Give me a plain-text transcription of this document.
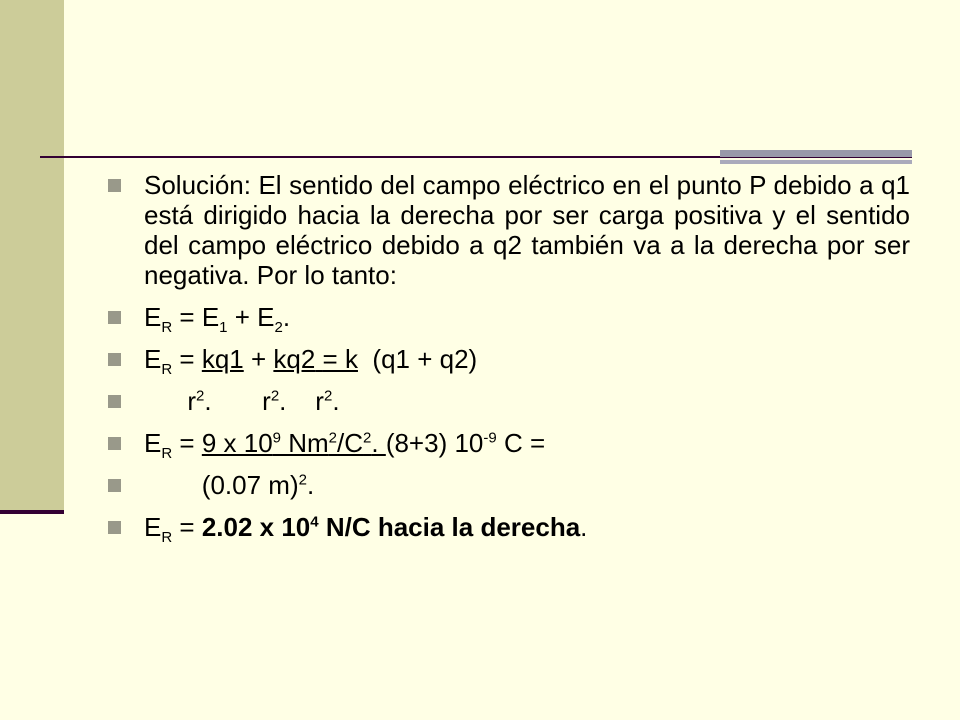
Solución: El sentido del campo eléctrico en el punto P debido a q1 está dirigido hacia la derecha por ser carga positiva y el sentido del campo eléctrico debido a q2 también va a la derecha por ser negativa. Por lo tanto:
$E_R = E_1 + E_2$.
$E_R = kq1 + kq2 = k$  (q1 + q2)
$r^2$.       $r^2$.    $r^2$.
$E_R = 9$ x $10^9$ $Nm^2/C^2$. (8+3) $10^{-9}$ C =
(0.07 m)$^2$.
$E_R = 2.02$ x $10^4$ N/C hacia la derecha.
